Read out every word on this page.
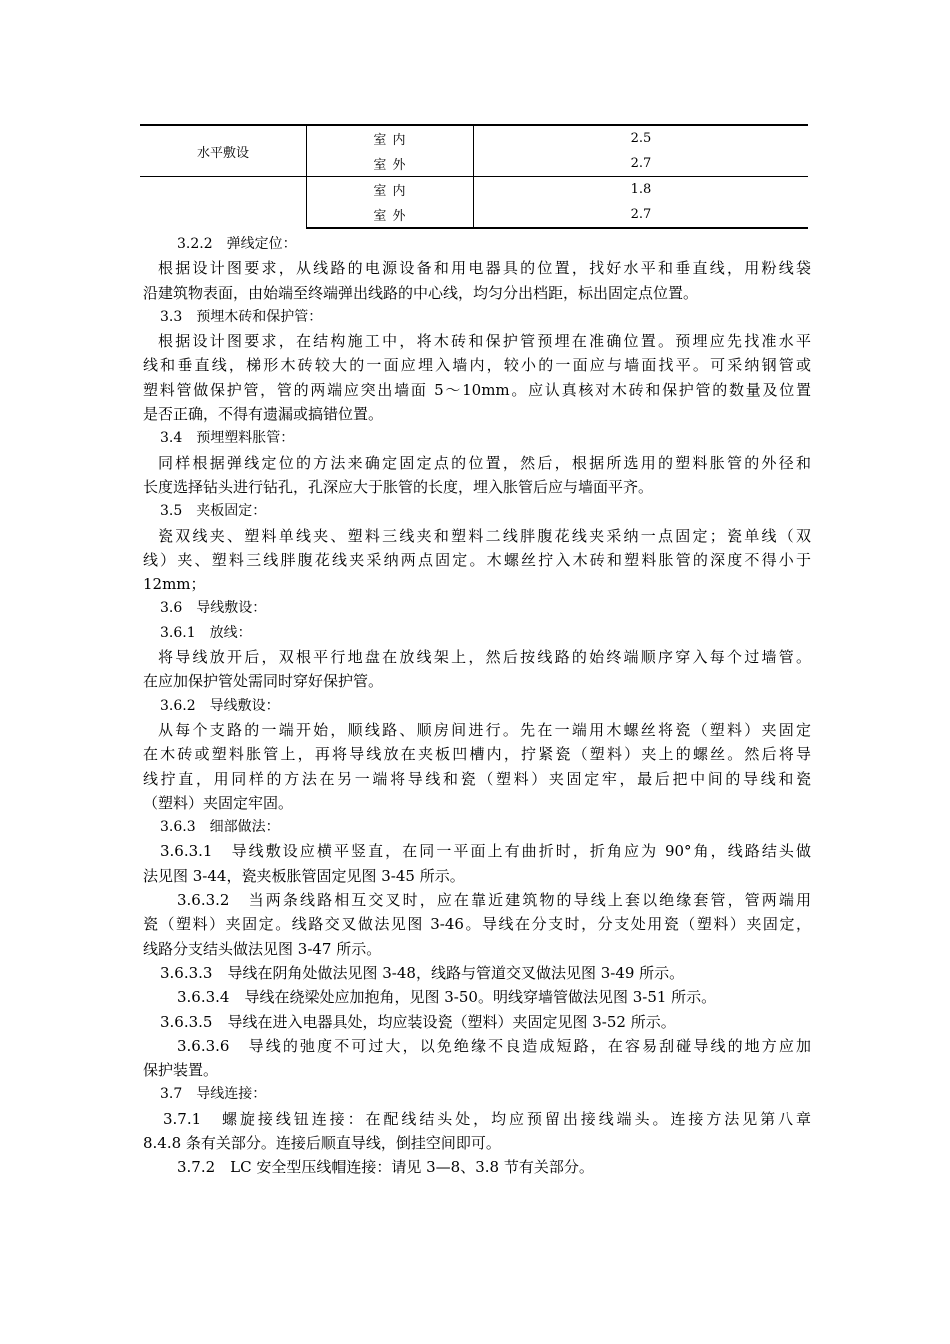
水平敷设	室 内	2.5
	室 外	2.7
	室 内	1.8
	室 外	2.7
3.2.2　弹线定位：
根据设计图要求，从线路的电源设备和用电器具的位置，找好水平和垂直线，用粉线袋
沿建筑物表面，由始端至终端弹出线路的中心线，均匀分出档距，标出固定点位置。
3.3　预埋木砖和保护管：
根据设计图要求，在结构施工中，将木砖和保护管预埋在准确位置。预埋应先找准水平
线和垂直线，梯形木砖较大的一面应埋入墙内，较小的一面应与墙面找平。可采纳钢管或
塑料管做保护管，管的两端应突出墙面 5～10mm。应认真核对木砖和保护管的数量及位置
是否正确，不得有遗漏或搞错位置。
3.4　预埋塑料胀管：
同样根据弹线定位的方法来确定固定点的位置，然后，根据所选用的塑料胀管的外径和
长度选择钻头进行钻孔，孔深应大于胀管的长度，埋入胀管后应与墙面平齐。
3.5　夹板固定：
瓷双线夹、塑料单线夹、塑料三线夹和塑料二线胖腹花线夹采纳一点固定；瓷单线（双
线）夹、塑料三线胖腹花线夹采纳两点固定。木螺丝拧入木砖和塑料胀管的深度不得小于
12mm；
3.6　导线敷设：
3.6.1　放线：
将导线放开后，双根平行地盘在放线架上，然后按线路的始终端顺序穿入每个过墙管。
在应加保护管处需同时穿好保护管。
3.6.2　导线敷设：
从每个支路的一端开始，顺线路、顺房间进行。先在一端用木螺丝将瓷（塑料）夹固定
在木砖或塑料胀管上，再将导线放在夹板凹槽内，拧紧瓷（塑料）夹上的螺丝。然后将导
线拧直，用同样的方法在另一端将导线和瓷（塑料）夹固定牢，最后把中间的导线和瓷
（塑料）夹固定牢固。
3.6.3　细部做法：
3.6.3.1　导线敷设应横平竖直，在同一平面上有曲折时，折角应为 90°角，线路结头做
法见图 3-44，瓷夹板胀管固定见图 3-45 所示。
3.6.3.2　当两条线路相互交叉时，应在靠近建筑物的导线上套以绝缘套管，管两端用
瓷（塑料）夹固定。线路交叉做法见图 3-46。导线在分支时，分支处用瓷（塑料）夹固定，
线路分支结头做法见图 3-47 所示。
3.6.3.3　导线在阴角处做法见图 3-48，线路与管道交叉做法见图 3-49 所示。
3.6.3.4　导线在绕梁处应加抱角，见图 3-50。明线穿墙管做法见图 3-51 所示。
3.6.3.5　导线在进入电器具处，均应装设瓷（塑料）夹固定见图 3-52 所示。
3.6.3.6　导线的弛度不可过大，以免绝缘不良造成短路，在容易刮碰导线的地方应加
保护装置。
3.7　导线连接：
3.7.1　螺旋接线钮连接：在配线结头处，均应预留出接线端头。连接方法见第八章
8.4.8 条有关部分。连接后顺直导线，倒挂空间即可。
3.7.2　LC 安全型压线帽连接：请见 3—8、3.8 节有关部分。
